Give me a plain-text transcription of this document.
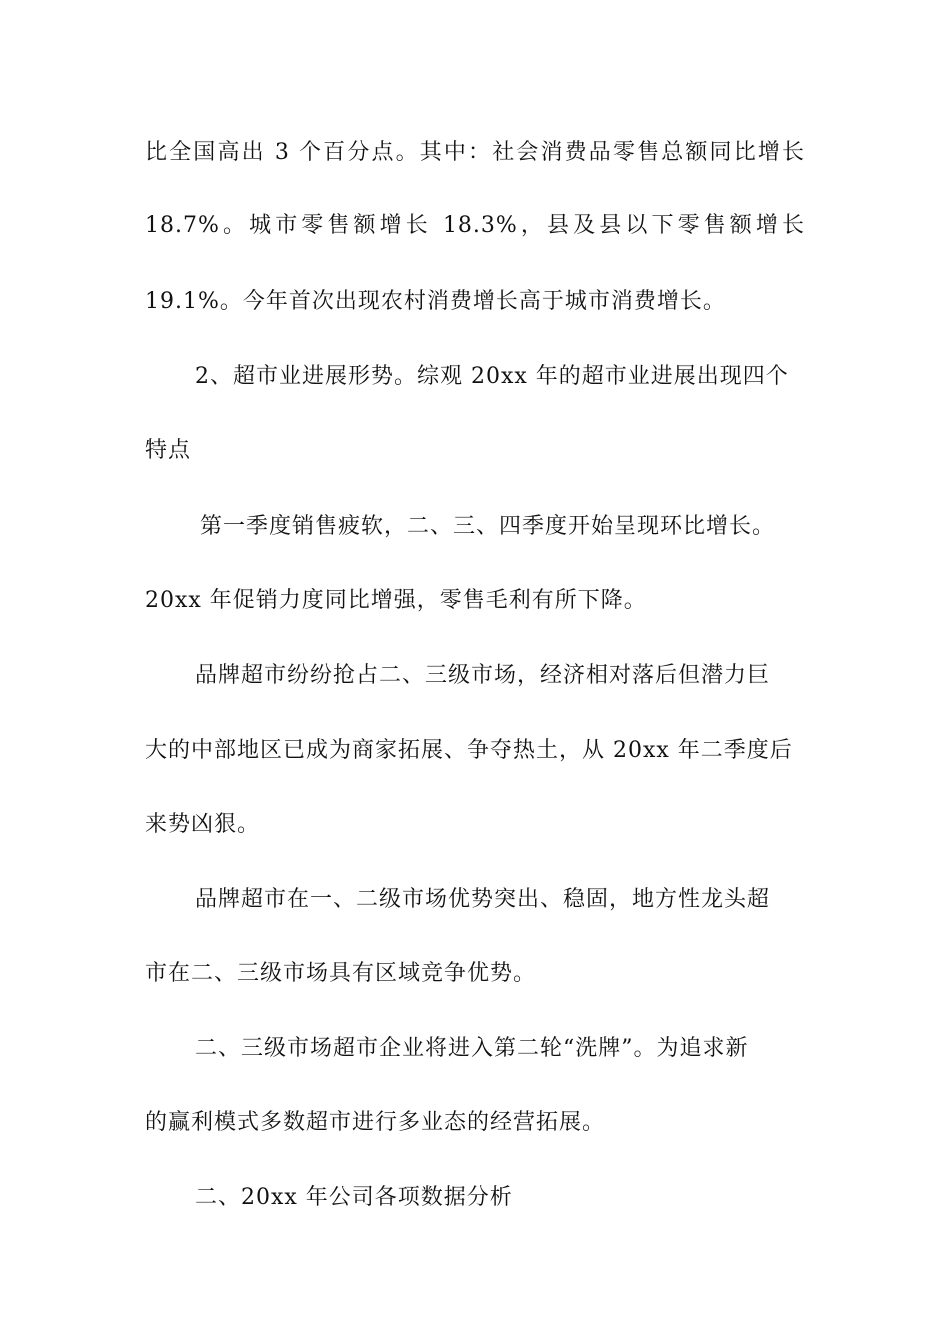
比全国高出 3 个百分点。其中：社会消费品零售总额同比增长
18.7%。城市零售额增长 18.3%，县及县以下零售额增长
19.1%。今年首次出现农村消费增长高于城市消费增长。
2、超市业进展形势。综观 20xx 年的超市业进展出现四个
特点
第一季度销售疲软，二、三、四季度开始呈现环比增长。
20xx 年促销力度同比增强，零售毛利有所下降。
品牌超市纷纷抢占二、三级市场，经济相对落后但潜力巨
大的中部地区已成为商家拓展、争夺热土，从 20xx 年二季度后
来势凶狠。
品牌超市在一、二级市场优势突出、稳固，地方性龙头超
市在二、三级市场具有区域竞争优势。
二、三级市场超市企业将进入第二轮“洗牌”。为追求新
的赢利模式多数超市进行多业态的经营拓展。
二、20xx 年公司各项数据分析
